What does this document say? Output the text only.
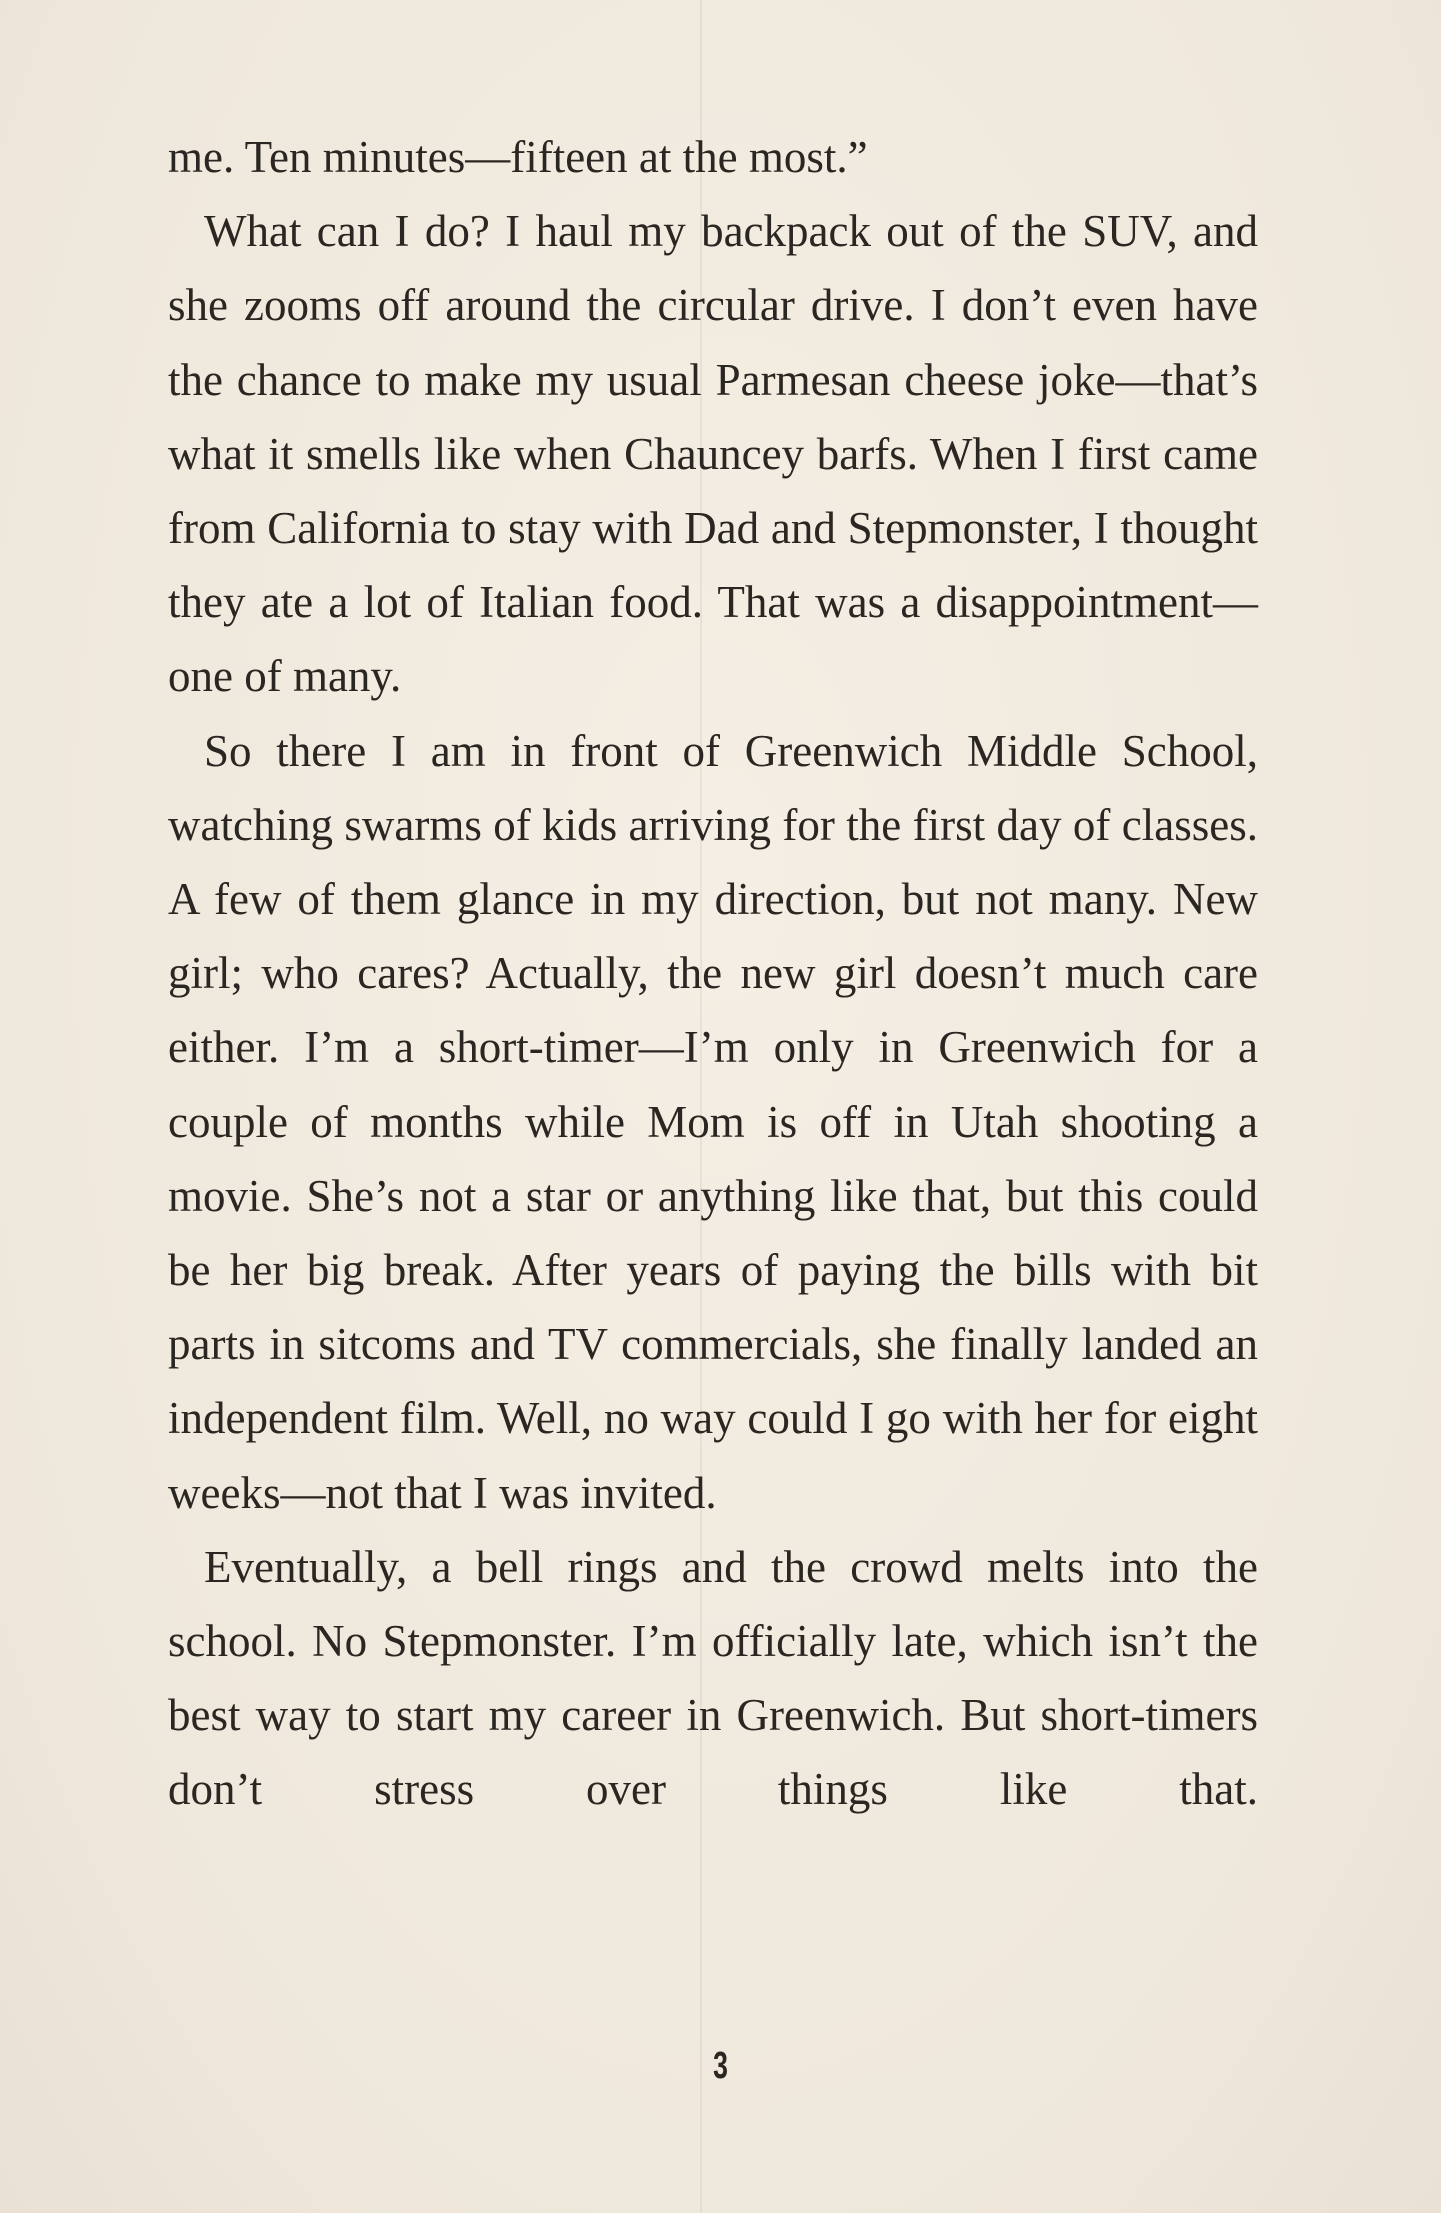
me. Ten minutes—fifteen at the most.”

What can I do? I haul my backpack out of the SUV, and she zooms off around the circular drive. I don’t even have the chance to make my usual Parmesan cheese joke—that’s what it smells like when Chauncey barfs. When I first came from California to stay with Dad and Stepmonster, I thought they ate a lot of Italian food. That was a disappointment—one of many.

So there I am in front of Greenwich Middle School, watching swarms of kids arriving for the first day of classes. A few of them glance in my direction, but not many. New girl; who cares? Actually, the new girl doesn’t much care either. I’m a short-timer—I’m only in Greenwich for a couple of months while Mom is off in Utah shooting a movie. She’s not a star or anything like that, but this could be her big break. After years of paying the bills with bit parts in sitcoms and TV commercials, she finally landed an independent film. Well, no way could I go with her for eight weeks—not that I was invited.

Eventually, a bell rings and the crowd melts into the school. No Stepmonster. I’m officially late, which isn’t the best way to start my career in Greenwich. But short-timers don’t stress over things like that.

3
